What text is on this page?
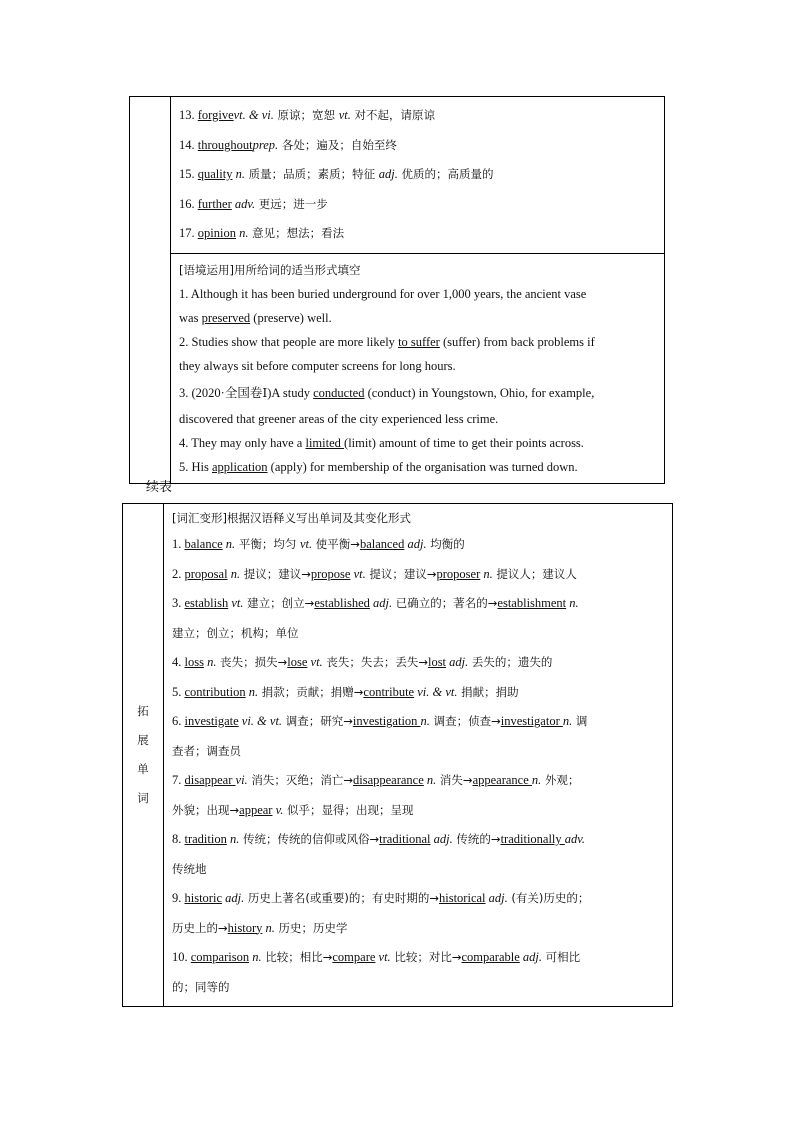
13. forgivevt. & vi. 原谅；宽恕 vt. 对不起，请原谅
14. throughoutprep. 各处；遍及；自始至终
15. quality n. 质量；品质；素质；特征 adj. 优质的；高质量的
16. further adv. 更远；进一步
17. opinion n. 意见；想法；看法

[语境运用]用所给词的适当形式填空
1. Although it has been buried underground for over 1,000 years, the ancient vase
was preserved (preserve) well.
2. Studies show that people are more likely to suffer (suffer) from back problems if
they always sit before computer screens for long hours.
3. (2020·全国卷Ⅰ)A study conducted (conduct) in Youngstown, Ohio, for example,
discovered that greener areas of the city experienced less crime.
4. They may only have a limited (limit) amount of time to get their points across.
5. His application (apply) for membership of the organisation was turned down.
续表
拓
展
单
词

[词汇变形]根据汉语释义写出单词及其变化形式
1. balance n. 平衡；均匀 vt. 使平衡→balanced adj. 均衡的
2. proposal n. 提议；建议→propose vt. 提议；建议→proposer n. 提议人；建议人
3. establish vt. 建立；创立→established adj. 已确立的；著名的→establishment n.
建立；创立；机构；单位
4. loss n. 丧失；损失→lose vt. 丧失；失去；丢失→lost adj. 丢失的；遗失的
5. contribution n. 捐款；贡献；捐赠→contribute vi. & vt. 捐献；捐助
6. investigate vi. & vt. 调查；研究→investigation n. 调查；侦查→investigator n. 调
查者；调查员
7. disappear vi. 消失；灭绝；消亡→disappearance n. 消失→appearance n. 外观；
外貌；出现→appear v. 似乎；显得；出现；呈现
8. tradition n. 传统；传统的信仰或风俗→traditional adj. 传统的→traditionally adv.
传统地
9. historic adj. 历史上著名(或重要)的；有史时期的→historical adj. (有关)历史的；
历史上的→history n. 历史；历史学
10. comparison n. 比较；相比→compare vt. 比较；对比→comparable adj. 可相比
的；同等的
